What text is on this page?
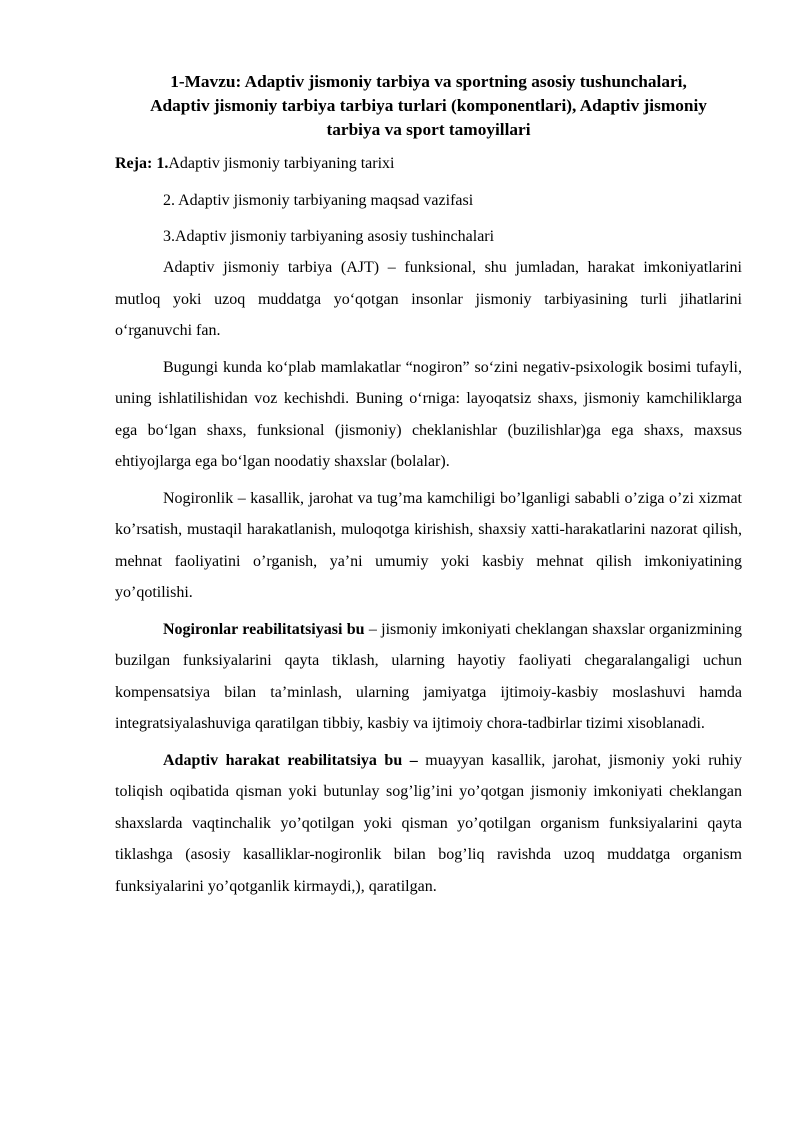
1-Mavzu: Adaptiv jismoniy tarbiya va sportning asosiy tushunchalari,
Adaptiv jismoniy tarbiya tarbiya turlari (komponentlari), Adaptiv jismoniy
tarbiya va sport tamoyillari
Reja: 1.Adaptiv jismoniy tarbiyaning tarixi
2. Adaptiv jismoniy tarbiyaning maqsad vazifasi
3.Adaptiv jismoniy tarbiyaning asosiy tushinchalari

Adaptiv jismoniy tarbiya (AJT) – funksional, shu jumladan, harakat imkoniyatlarini mutloq yoki uzoq muddatga yo‘qotgan insonlar jismoniy tarbiyasining turli jihatlarini o‘rganuvchi fan.

Bugungi kunda ko‘plab mamlakatlar “nogiron” so‘zini negativ-psixologik bosimi tufayli, uning ishlatilishidan voz kechishdi. Buning o‘rniga: layoqatsiz shaxs, jismoniy kamchiliklarga ega bo‘lgan shaxs, funksional (jismoniy) cheklanishlar (buzilishlar)ga ega shaxs, maxsus ehtiyojlarga ega bo‘lgan noodatiy shaxslar (bolalar).

Nogironlik – kasallik, jarohat va tug’ma kamchiligi bo’lganligi sababli o’ziga o’zi xizmat ko’rsatish, mustaqil harakatlanish, muloqotga kirishish, shaxsiy xatti-harakatlarini nazorat qilish, mehnat faoliyatini o’rganish, ya’ni umumiy yoki kasbiy mehnat qilish imkoniyatining yo’qotilishi.

Nogironlar reabilitatsiyasi bu – jismoniy imkoniyati cheklangan shaxslar organizmining buzilgan funksiyalarini qayta tiklash, ularning hayotiy faoliyati chegaralangaligi uchun kompensatsiya bilan ta’minlash, ularning jamiyatga ijtimoiy-kasbiy moslashuvi hamda integratsiyalashuviga qaratilgan tibbiy, kasbiy va ijtimoiy chora-tadbirlar tizimi xisoblanadi.

Adaptiv harakat reabilitatsiya bu – muayyan kasallik, jarohat, jismoniy yoki ruhiy toliqish oqibatida qisman yoki butunlay sog’lig’ini yo’qotgan jismoniy imkoniyati cheklangan shaxslarda vaqtinchalik yo’qotilgan yoki qisman yo’qotilgan organism funksiyalarini qayta tiklashga (asosiy kasalliklar-nogironlik bilan bog’liq ravishda uzoq muddatga organism funksiyalarini yo’qotganlik kirmaydi,), qaratilgan.
